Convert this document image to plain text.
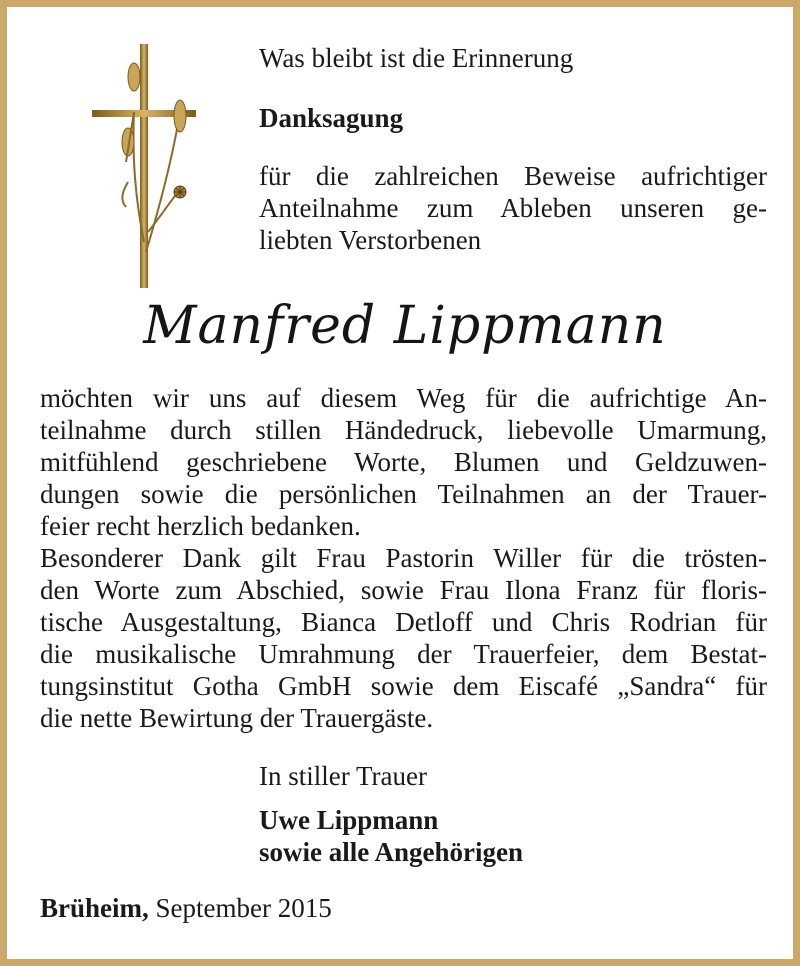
Was bleibt ist die Erinnerung

Danksagung

für die zahlreichen Beweise aufrichtiger
Anteilnahme zum Ableben unseren ge-
liebten Verstorbenen
Manfred Lippmann
möchten wir uns auf diesem Weg für die aufrichtige An-
teilnahme durch stillen Händedruck, liebevolle Umarmung,
mitfühlend geschriebene Worte, Blumen und Geldzuwen-
dungen sowie die persönlichen Teilnahmen an der Trauer-
feier recht herzlich bedanken.
Besonderer Dank gilt Frau Pastorin Willer für die trösten-
den Worte zum Abschied, sowie Frau Ilona Franz für floris-
tische Ausgestaltung, Bianca Detloff und Chris Rodrian für
die musikalische Umrahmung der Trauerfeier, dem Bestat-
tungsinstitut Gotha GmbH sowie dem Eiscafé „Sandra“ für
die nette Bewirtung der Trauergäste.

In stiller Trauer

Uwe Lippmann

sowie alle Angehörigen

Brüheim, September 2015
